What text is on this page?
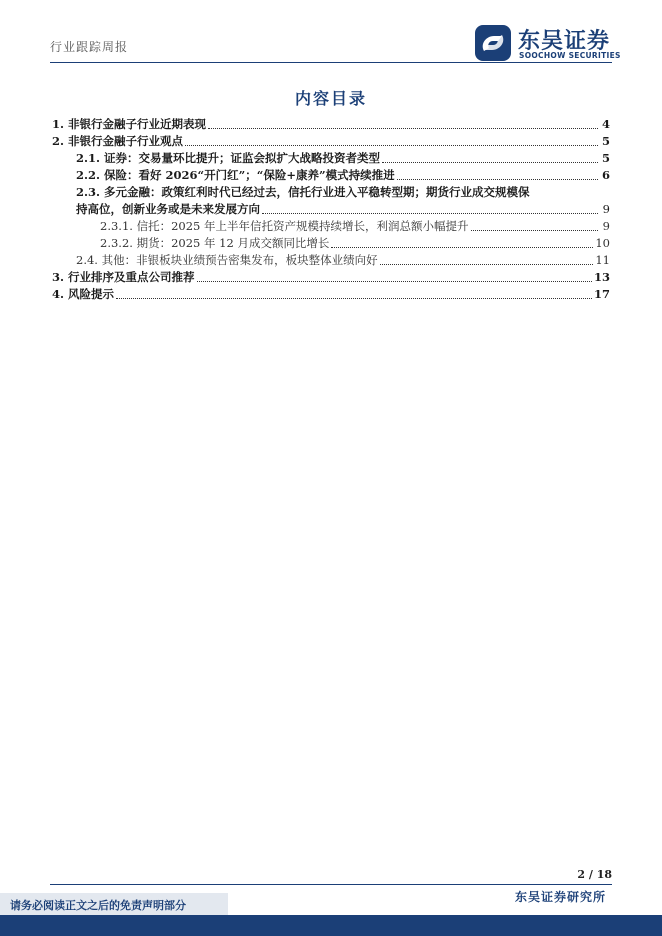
行业跟踪周报	东吴证券
SOOCHOW SECURITIES
内容目录
1. 非银行金融子行业近期表现	4
2. 非银行金融子行业观点	5
2.1. 证券：交易量环比提升；证监会拟扩大战略投资者类型	5
2.2. 保险：看好 2026“开门红”；“保险+康养”模式持续推进	6
2.3. 多元金融：政策红利时代已经过去，信托行业进入平稳转型期；期货行业成交规模保
持高位，创新业务或是未来发展方向	9
2.3.1. 信托：2025 年上半年信托资产规模持续增长，利润总额小幅提升	9
2.3.2. 期货：2025 年 12 月成交额同比增长	10
2.4. 其他：非银板块业绩预告密集发布，板块整体业绩向好	11
3. 行业排序及重点公司推荐	13
4. 风险提示	17
2 / 18
东吴证券研究所
请务必阅读正文之后的免责声明部分
